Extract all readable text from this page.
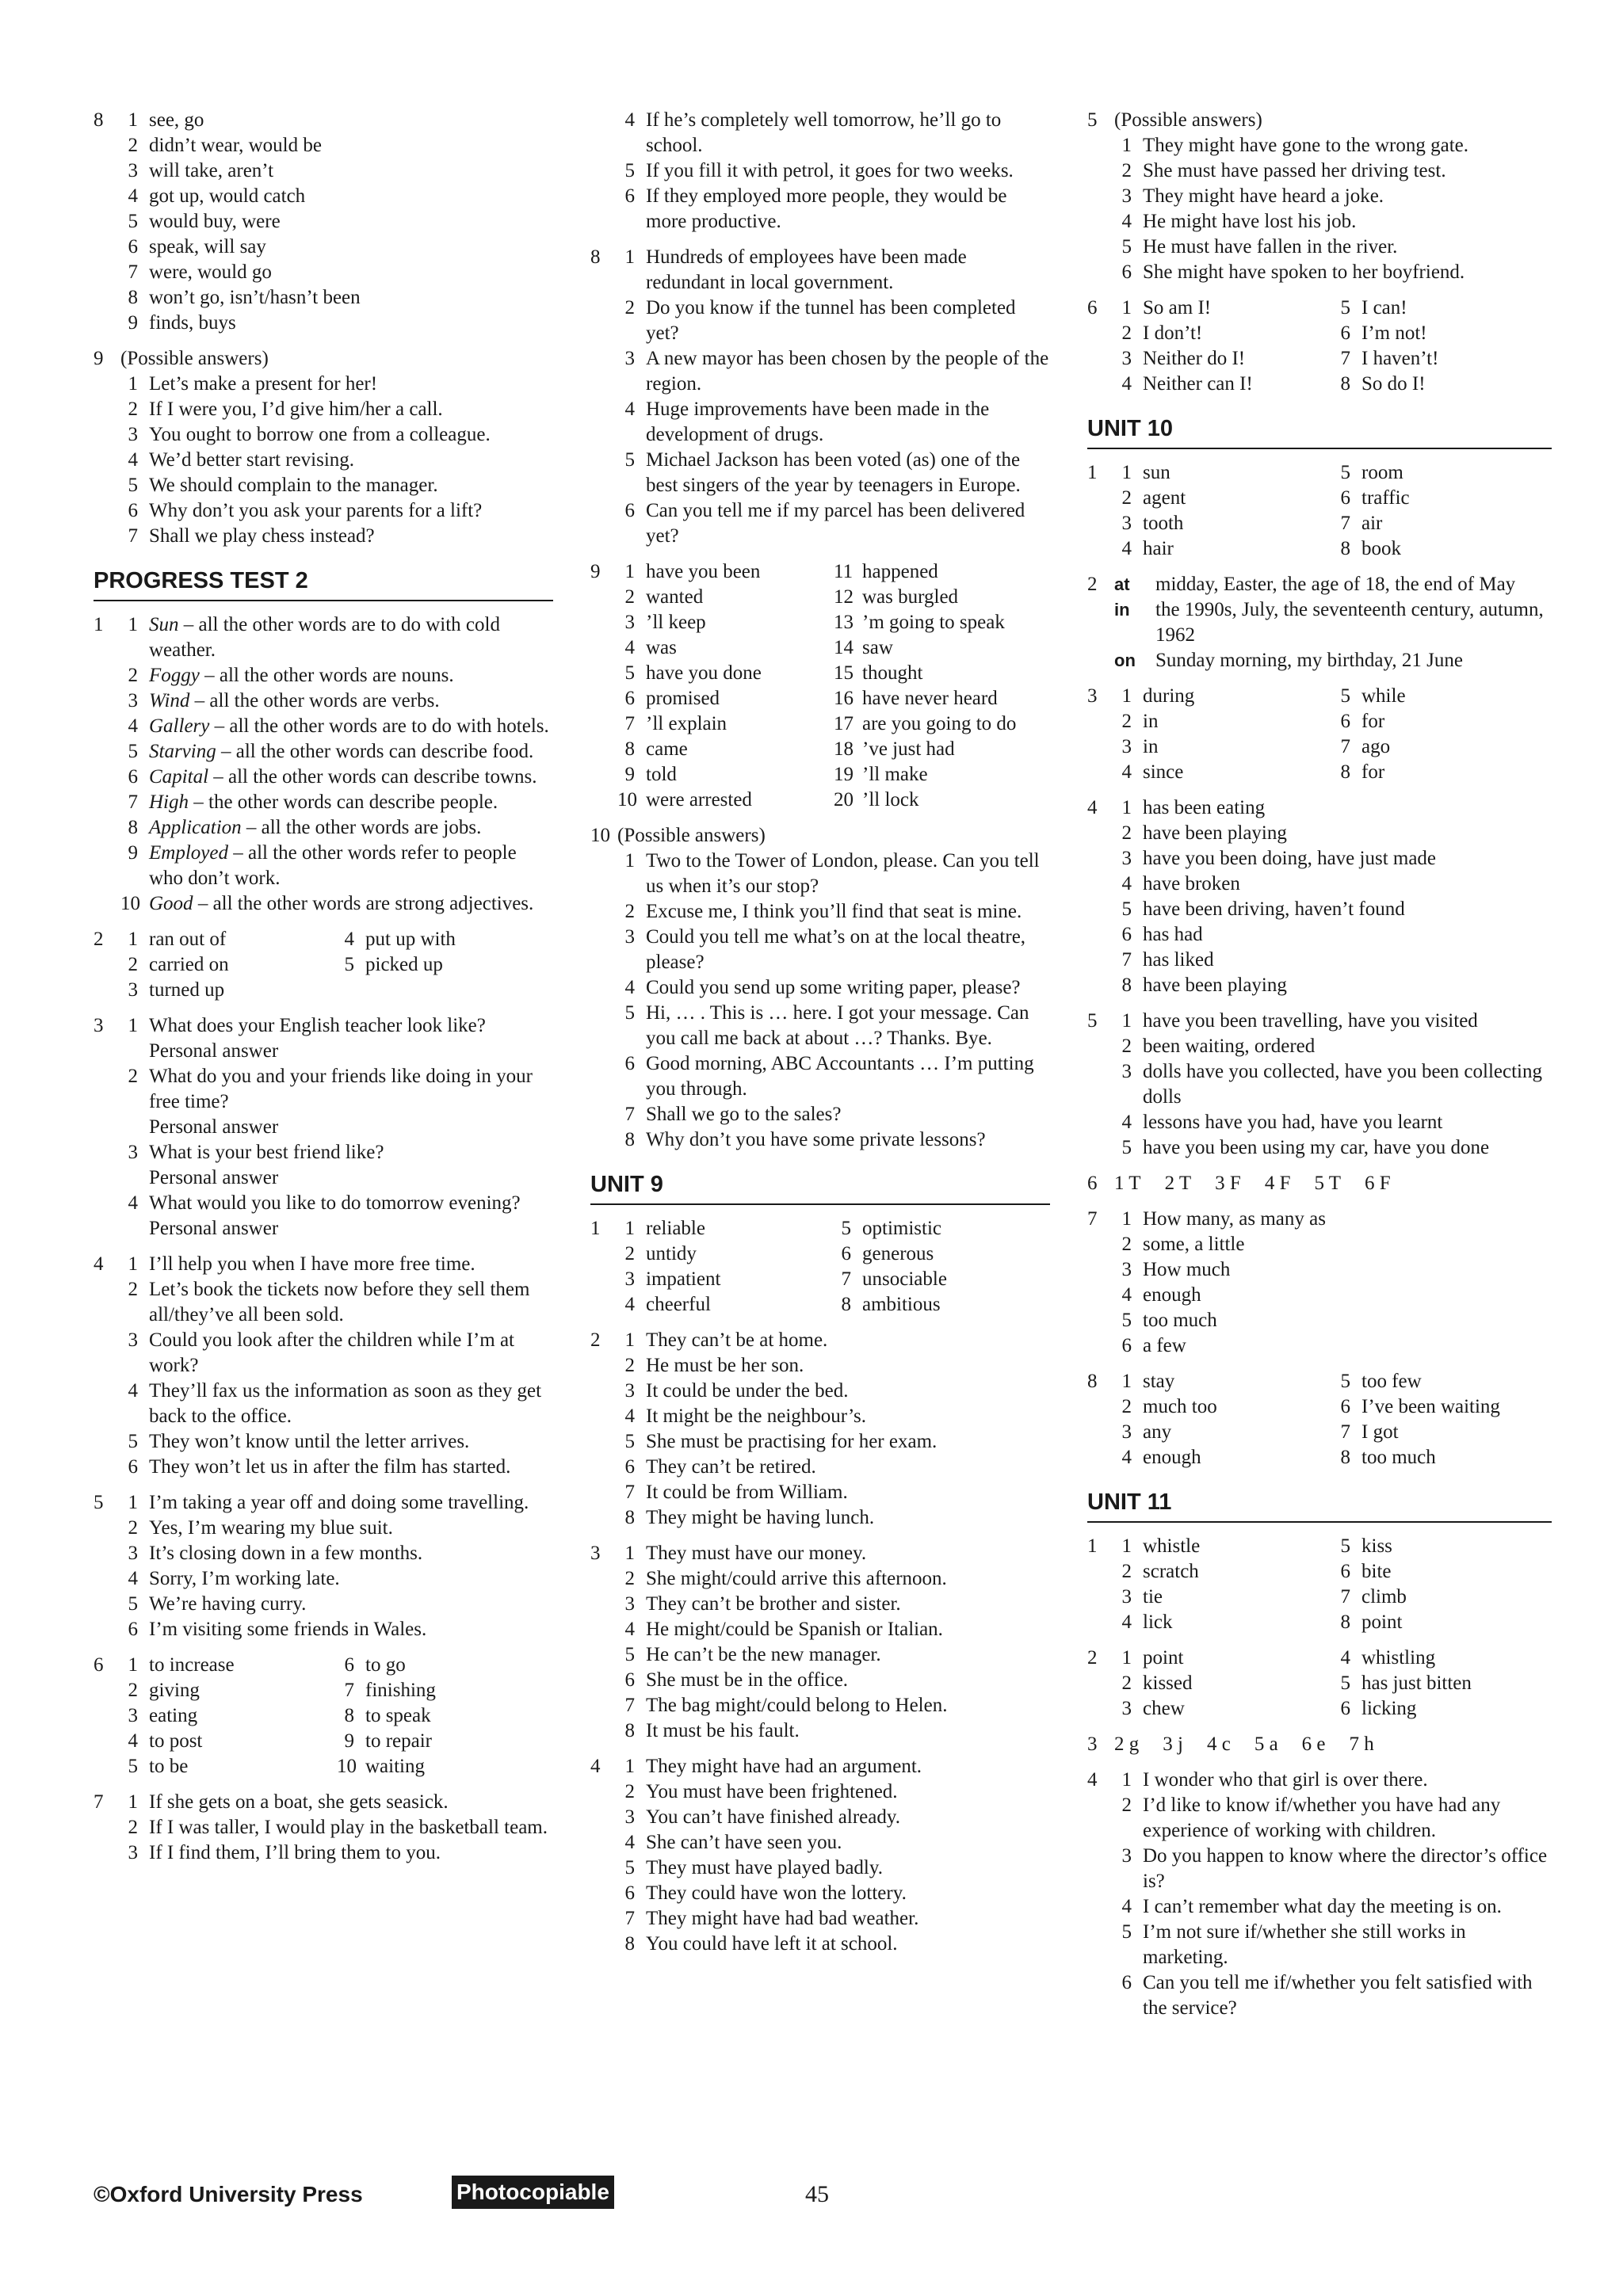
8	1 see, go
2 didn’t wear, would be
3 will take, aren’t
4 got up, would catch
5 would buy, were
6 speak, will say
7 were, would go
8 won’t go, isn’t/hasn’t been
9 finds, buys
9 (Possible answers)
1 Let’s make a present for her!
2 If I were you, I’d give him/her a call.
3 You ought to borrow one from a colleague.
4 We’d better start revising.
5 We should complain to the manager.
6 Why don’t you ask your parents for a lift?
7 Shall we play chess instead?
PROGRESS TEST 2
1	1 Sun – all the other words are to do with cold weather.
2 Foggy – all the other words are nouns.
3 Wind – all the other words are verbs.
4 Gallery – all the other words are to do with hotels.
5 Starving – all the other words can describe food.
6 Capital – all the other words can describe towns.
7 High – the other words can describe people.
8 Application – all the other words are jobs.
9 Employed – all the other words refer to people who don’t work.
10 Good – all the other words are strong adjectives.
2	1 ran out of	4 put up with
2 carried on	5 picked up
3 turned up
3	1 What does your English teacher look like?
Personal answer
2 What do you and your friends like doing in your free time?
Personal answer
3 What is your best friend like?
Personal answer
4 What would you like to do tomorrow evening?
Personal answer
4	1 I’ll help you when I have more free time.
2 Let’s book the tickets now before they sell them all/they’ve all been sold.
3 Could you look after the children while I’m at work?
4 They’ll fax us the information as soon as they get back to the office.
5 They won’t know until the letter arrives.
6 They won’t let us in after the film has started.
5	1 I’m taking a year off and doing some travelling.
2 Yes, I’m wearing my blue suit.
3 It’s closing down in a few months.
4 Sorry, I’m working late.
5 We’re having curry.
6 I’m visiting some friends in Wales.
6	1 to increase	6 to go
2 giving	7 finishing
3 eating	8 to speak
4 to post	9 to repair
5 to be	10 waiting
7	1 If she gets on a boat, she gets seasick.
2 If I was taller, I would play in the basketball team.
3 If I find them, I’ll bring them to you.
4 If he’s completely well tomorrow, he’ll go to school.
5 If you fill it with petrol, it goes for two weeks.
6 If they employed more people, they would be more productive.
8	1 Hundreds of employees have been made redundant in local government.
2 Do you know if the tunnel has been completed yet?
3 A new mayor has been chosen by the people of the region.
4 Huge improvements have been made in the development of drugs.
5 Michael Jackson has been voted (as) one of the best singers of the year by teenagers in Europe.
6 Can you tell me if my parcel has been delivered yet?
9	1 have you been	11 happened
2 wanted	12 was burgled
3 ’ll keep	13 ’m going to speak
4 was	14 saw
5 have you done	15 thought
6 promised	16 have never heard
7 ’ll explain	17 are you going to do
8 came	18 ’ve just had
9 told	19 ’ll make
10 were arrested	20 ’ll lock
10 (Possible answers)
1 Two to the Tower of London, please. Can you tell us when it’s our stop?
2 Excuse me, I think you’ll find that seat is mine.
3 Could you tell me what’s on at the local theatre, please?
4 Could you send up some writing paper, please?
5 Hi, … . This is … here. I got your message. Can you call me back at about …? Thanks. Bye.
6 Good morning, ABC Accountants … I’m putting you through.
7 Shall we go to the sales?
8 Why don’t you have some private lessons?
UNIT 9
1	1 reliable	5 optimistic
2 untidy	6 generous
3 impatient	7 unsociable
4 cheerful	8 ambitious
2	1 They can’t be at home.
2 He must be her son.
3 It could be under the bed.
4 It might be the neighbour’s.
5 She must be practising for her exam.
6 They can’t be retired.
7 It could be from William.
8 They might be having lunch.
3	1 They must have our money.
2 She might/could arrive this afternoon.
3 They can’t be brother and sister.
4 He might/could be Spanish or Italian.
5 He can’t be the new manager.
6 She must be in the office.
7 The bag might/could belong to Helen.
8 It must be his fault.
4	1 They might have had an argument.
2 You must have been frightened.
3 You can’t have finished already.
4 She can’t have seen you.
5 They must have played badly.
6 They could have won the lottery.
7 They might have had bad weather.
8 You could have left it at school.
5 (Possible answers)
1 They might have gone to the wrong gate.
2 She must have passed her driving test.
3 They might have heard a joke.
4 He might have lost his job.
5 He must have fallen in the river.
6 She might have spoken to her boyfriend.
6	1 So am I!	5 I can!
2 I don’t!	6 I’m not!
3 Neither do I!	7 I haven’t!
4 Neither can I!	8 So do I!
UNIT 10
1	1 sun	5 room
2 agent	6 traffic
3 tooth	7 air
4 hair	8 book
2 at	midday, Easter, the age of 18, the end of May
in	the 1990s, July, the seventeenth century, autumn, 1962
on	Sunday morning, my birthday, 21 June
3	1 during	5 while
2 in	6 for
3 in	7 ago
4 since	8 for
4	1 has been eating
2 have been playing
3 have you been doing, have just made
4 have broken
5 have been driving, haven’t found
6 has had
7 has liked
8 have been playing
5	1 have you been travelling, have you visited
2 been waiting, ordered
3 dolls have you collected, have you been collecting dolls
4 lessons have you had, have you learnt
5 have you been using my car, have you done
6 1 T 2 T 3 F 4 F 5 T 6 F
7	1 How many, as many as
2 some, a little
3 How much
4 enough
5 too much
6 a few
8	1 stay	5 too few
2 much too	6 I’ve been waiting
3 any	7 I got
4 enough	8 too much
UNIT 11
1	1 whistle	5 kiss
2 scratch	6 bite
3 tie	7 climb
4 lick	8 point
2	1 point	4 whistling
2 kissed	5 has just bitten
3 chew	6 licking
3 2 g 3 j 4 c 5 a 6 e 7 h
4	1 I wonder who that girl is over there.
2 I’d like to know if/whether you have had any experience of working with children.
3 Do you happen to know where the director’s office is?
4 I can’t remember what day the meeting is on.
5 I’m not sure if/whether she still works in marketing.
6 Can you tell me if/whether you felt satisfied with the service?
©Oxford University Press	Photocopiable	45
